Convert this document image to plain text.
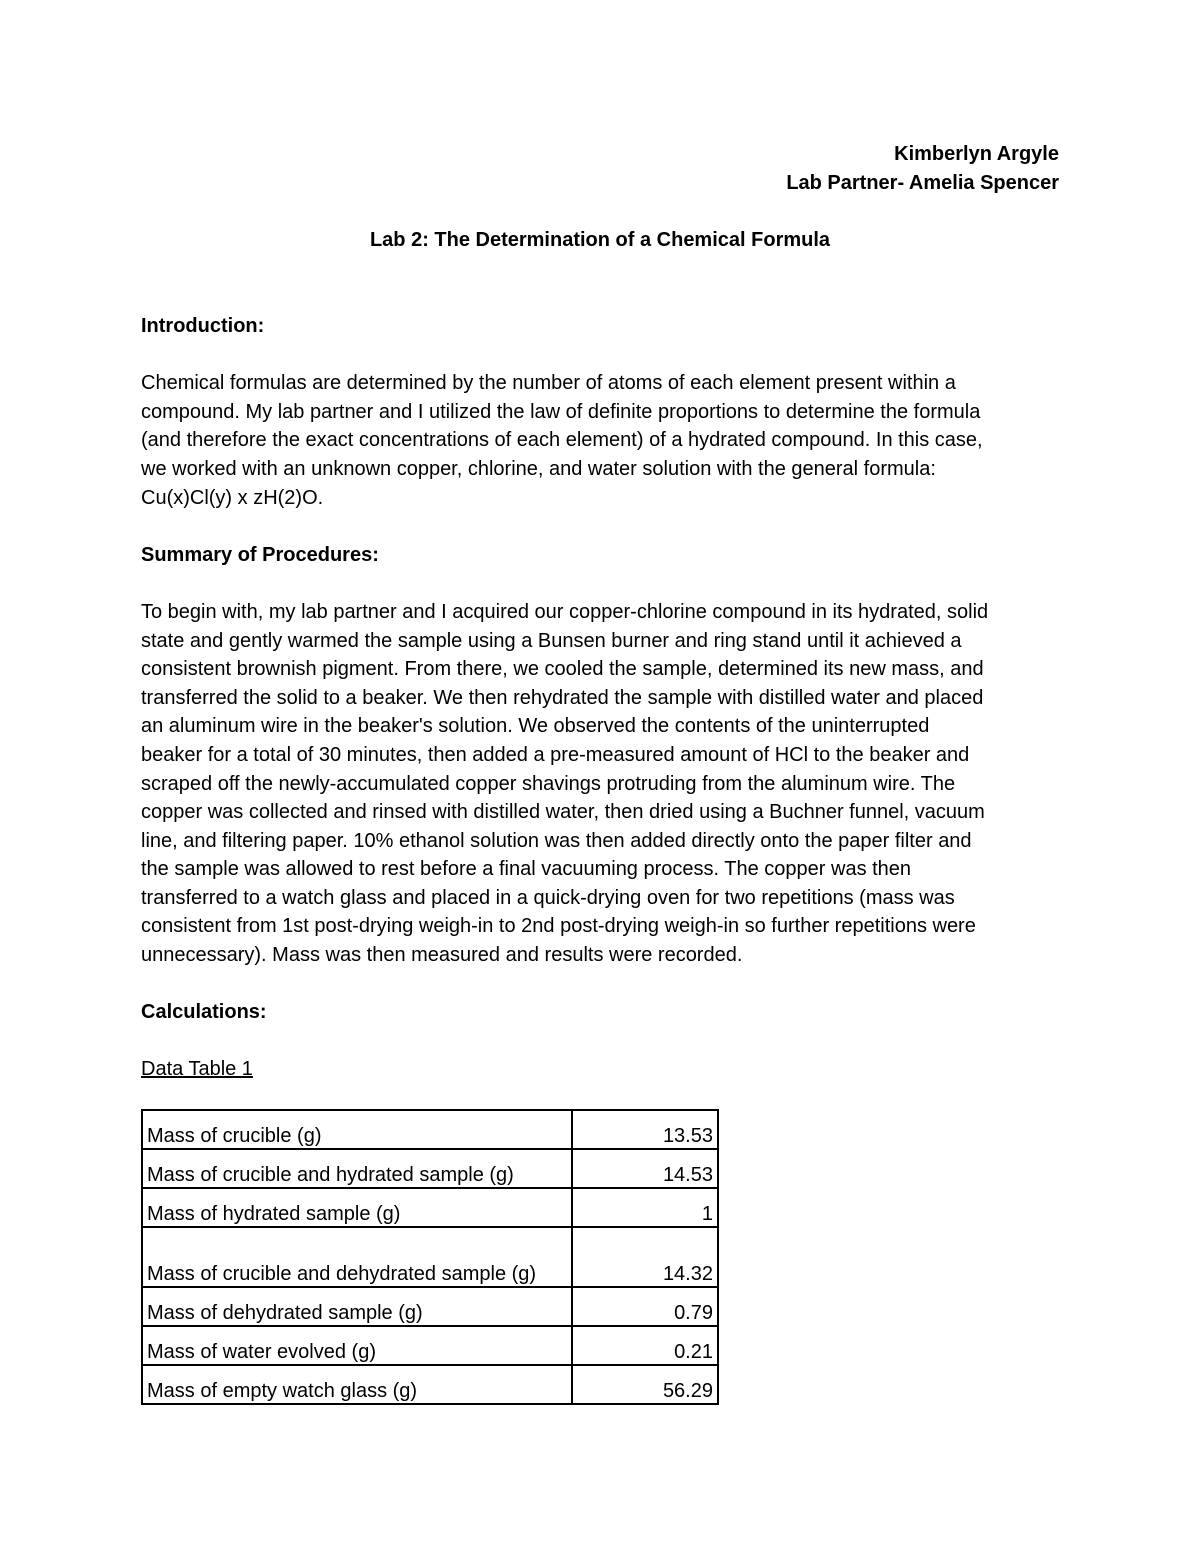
Kimberlyn Argyle
Lab Partner- Amelia Spencer
Lab 2: The Determination of a Chemical Formula

Introduction:

Chemical formulas are determined by the number of atoms of each element present within a

compound. My lab partner and I utilized the law of definite proportions to determine the formula

(and therefore the exact concentrations of each element) of a hydrated compound. In this case,

we worked with an unknown copper, chlorine, and water solution with the general formula:

Cu(x)Cl(y) x zH(2)O.

Summary of Procedures:

To begin with, my lab partner and I acquired our copper-chlorine compound in its hydrated, solid

state and gently warmed the sample using a Bunsen burner and ring stand until it achieved a

consistent brownish pigment. From there, we cooled the sample, determined its new mass, and

transferred the solid to a beaker. We then rehydrated the sample with distilled water and placed

an aluminum wire in the beaker's solution. We observed the contents of the uninterrupted

beaker for a total of 30 minutes, then added a pre-measured amount of HCl to the beaker and

scraped off the newly-accumulated copper shavings protruding from the aluminum wire. The

copper was collected and rinsed with distilled water, then dried using a Buchner funnel, vacuum

line, and filtering paper. 10% ethanol solution was then added directly onto the paper filter and

the sample was allowed to rest before a final vacuuming process. The copper was then

transferred to a watch glass and placed in a quick-drying oven for two repetitions (mass was

consistent from 1st post-drying weigh-in to 2nd post-drying weigh-in so further repetitions were

unnecessary). Mass was then measured and results were recorded.

Calculations:

Data Table 1

Mass of crucible (g)	13.53
Mass of crucible and hydrated sample (g)	14.53
Mass of hydrated sample (g)	1
Mass of crucible and dehydrated sample (g)	14.32
Mass of dehydrated sample (g)	0.79
Mass of water evolved (g)	0.21
Mass of empty watch glass (g)	56.29
